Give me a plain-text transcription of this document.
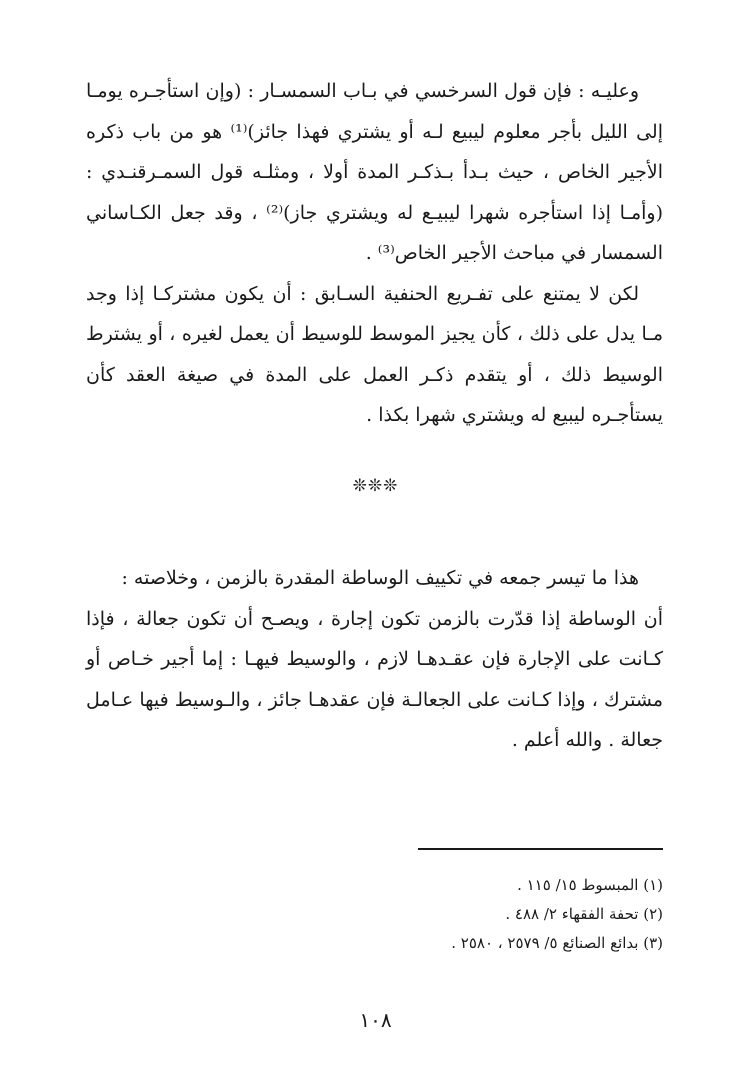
وعليـه : فإن قول السرخسي في بـاب السمسـار : (وإن استأجـره يومـا إلى الليل بأجر معلوم ليبيع لـه أو يشتري فهذا جائز)⁽¹⁾ هو من باب ذكره الأجير الخاص ، حيث بـدأ بـذكـر المدة أولا ، ومثلـه قول السمـرقنـدي : (وأمـا إذا استأجره شهرا ليبيـع له ويشتري جاز)⁽²⁾ ، وقد جعل الكـاساني السمسار في مباحث الأجير الخاص⁽³⁾ .

لكن لا يمتنع على تفـريع الحنفية السـابق : أن يكون مشتركـا إذا وجد مـا يدل على ذلك ، كأن يجيز الموسط للوسيط أن يعمل لغيره ، أو يشترط الوسيط ذلك ، أو يتقدم ذكـر العمل على المدة في صيغة العقد كأن يستأجـره ليبيع له ويشتري شهرا بكذا .

❊❊❊

هذا ما تيسر جمعه في تكييف الوساطة المقدرة بالزمن ، وخلاصته :

أن الوساطة إذا قدّرت بالزمن تكون إجارة ، ويصـح أن تكون جعالة ، فإذا كـانت على الإجارة فإن عقـدهـا لازم ، والوسيط فيهـا : إما أجير خـاص أو مشترك ، وإذا كـانت على الجعالـة فإن عقدهـا جائز ، والـوسيط فيها عـامل جعالة . والله أعلم .

(١) المبسوط ١٥/ ١١٥ .

(٢) تحفة الفقهاء ٢/ ٤٨٨ .

(٣) بدائع الصنائع ٥/ ٢٥٧٩ ، ٢٥٨٠ .

١٠٨
